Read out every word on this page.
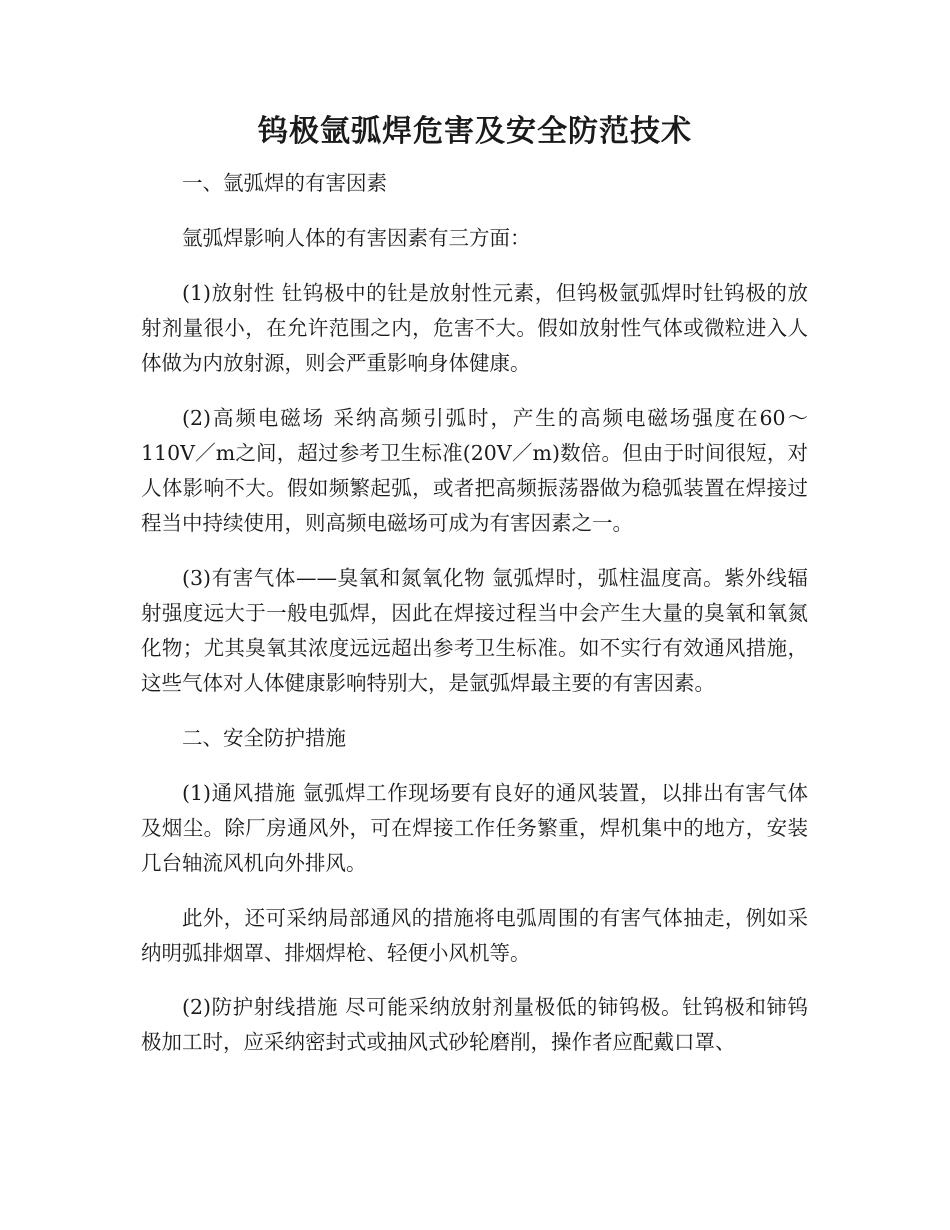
钨极氩弧焊危害及安全防范技术

一、氩弧焊的有害因素

氩弧焊影响人体的有害因素有三方面：

(1)放射性 钍钨极中的钍是放射性元素，但钨极氩弧焊时钍钨极的放射剂量很小，在允许范围之内，危害不大。假如放射性气体或微粒进入人体做为内放射源，则会严重影响身体健康。

(2)高频电磁场 采纳高频引弧时，产生的高频电磁场强度在60～110V／m之间，超过参考卫生标准(20V／m)数倍。但由于时间很短，对人体影响不大。假如频繁起弧，或者把高频振荡器做为稳弧装置在焊接过程当中持续使用，则高频电磁场可成为有害因素之一。

(3)有害气体——臭氧和氮氧化物 氩弧焊时，弧柱温度高。紫外线辐射强度远大于一般电弧焊，因此在焊接过程当中会产生大量的臭氧和氧氮化物；尤其臭氧其浓度远远超出参考卫生标准。如不实行有效通风措施，这些气体对人体健康影响特别大，是氩弧焊最主要的有害因素。

二、安全防护措施

(1)通风措施 氩弧焊工作现场要有良好的通风装置，以排出有害气体及烟尘。除厂房通风外，可在焊接工作任务繁重，焊机集中的地方，安装几台轴流风机向外排风。

此外，还可采纳局部通风的措施将电弧周围的有害气体抽走，例如采纳明弧排烟罩、排烟焊枪、轻便小风机等。

(2)防护射线措施 尽可能采纳放射剂量极低的铈钨极。钍钨极和铈钨极加工时，应采纳密封式或抽风式砂轮磨削，操作者应配戴口罩、
